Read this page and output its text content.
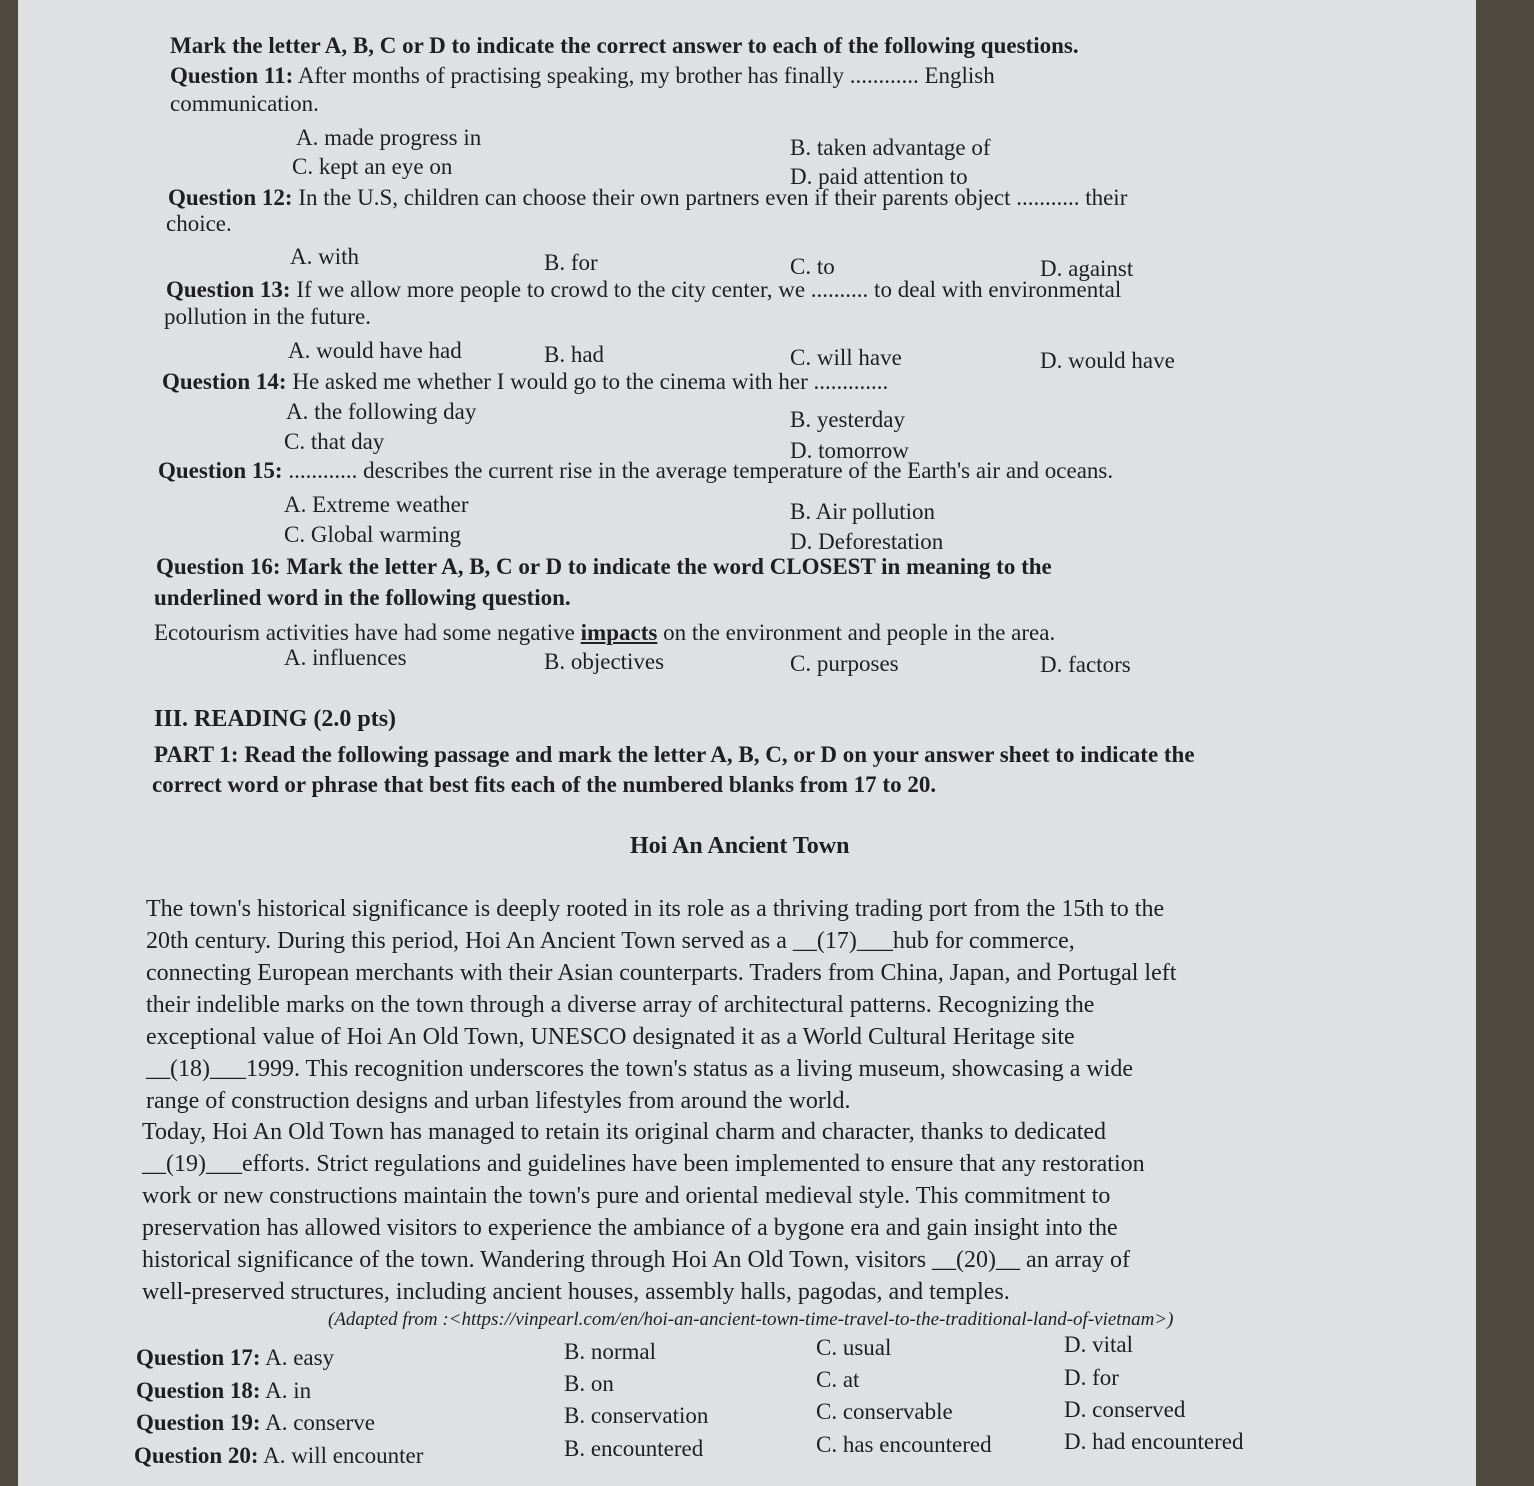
Mark the letter A, B, C or D to indicate the correct answer to each of the following questions.
Question 11: After months of practising speaking, my brother has finally ............ English
communication.
A. made progress in	B. taken advantage of
C. kept an eye on	D. paid attention to
Question 12: In the U.S, children can choose their own partners even if their parents object ........... their
choice.
A. with	B. for	C. to	D. against
Question 13: If we allow more people to crowd to the city center, we .......... to deal with environmental
pollution in the future.
A. would have had	B. had	C. will have	D. would have
Question 14: He asked me whether I would go to the cinema with her .............
A. the following day	B. yesterday
C. that day	D. tomorrow
Question 15: ............ describes the current rise in the average temperature of the Earth's air and oceans.
A. Extreme weather	B. Air pollution
C. Global warming	D. Deforestation
Question 16: Mark the letter A, B, C or D to indicate the word CLOSEST in meaning to the
underlined word in the following question.
Ecotourism activities have had some negative impacts on the environment and people in the area.
A. influences	B. objectives	C. purposes	D. factors
III. READING (2.0 pts)
PART 1: Read the following passage and mark the letter A, B, C, or D on your answer sheet to indicate the
correct word or phrase that best fits each of the numbered blanks from 17 to 20.
Hoi An Ancient Town
The town's historical significance is deeply rooted in its role as a thriving trading port from the 15th to the
20th century. During this period, Hoi An Ancient Town served as a __(17)___hub for commerce,
connecting European merchants with their Asian counterparts. Traders from China, Japan, and Portugal left
their indelible marks on the town through a diverse array of architectural patterns. Recognizing the
exceptional value of Hoi An Old Town, UNESCO designated it as a World Cultural Heritage site
__(18)___1999. This recognition underscores the town's status as a living museum, showcasing a wide
range of construction designs and urban lifestyles from around the world.
Today, Hoi An Old Town has managed to retain its original charm and character, thanks to dedicated
__(19)___efforts. Strict regulations and guidelines have been implemented to ensure that any restoration
work or new constructions maintain the town's pure and oriental medieval style. This commitment to
preservation has allowed visitors to experience the ambiance of a bygone era and gain insight into the
historical significance of the town. Wandering through Hoi An Old Town, visitors __(20)__ an array of
well-preserved structures, including ancient houses, assembly halls, pagodas, and temples.
(Adapted from :<https://vinpearl.com/en/hoi-an-ancient-town-time-travel-to-the-traditional-land-of-vietnam>)
Question 17: A. easy	B. normal	C. usual	D. vital
Question 18: A. in	B. on	C. at	D. for
Question 19: A. conserve	B. conservation	C. conservable	D. conserved
Question 20: A. will encounter	B. encountered	C. has encountered	D. had encountered
